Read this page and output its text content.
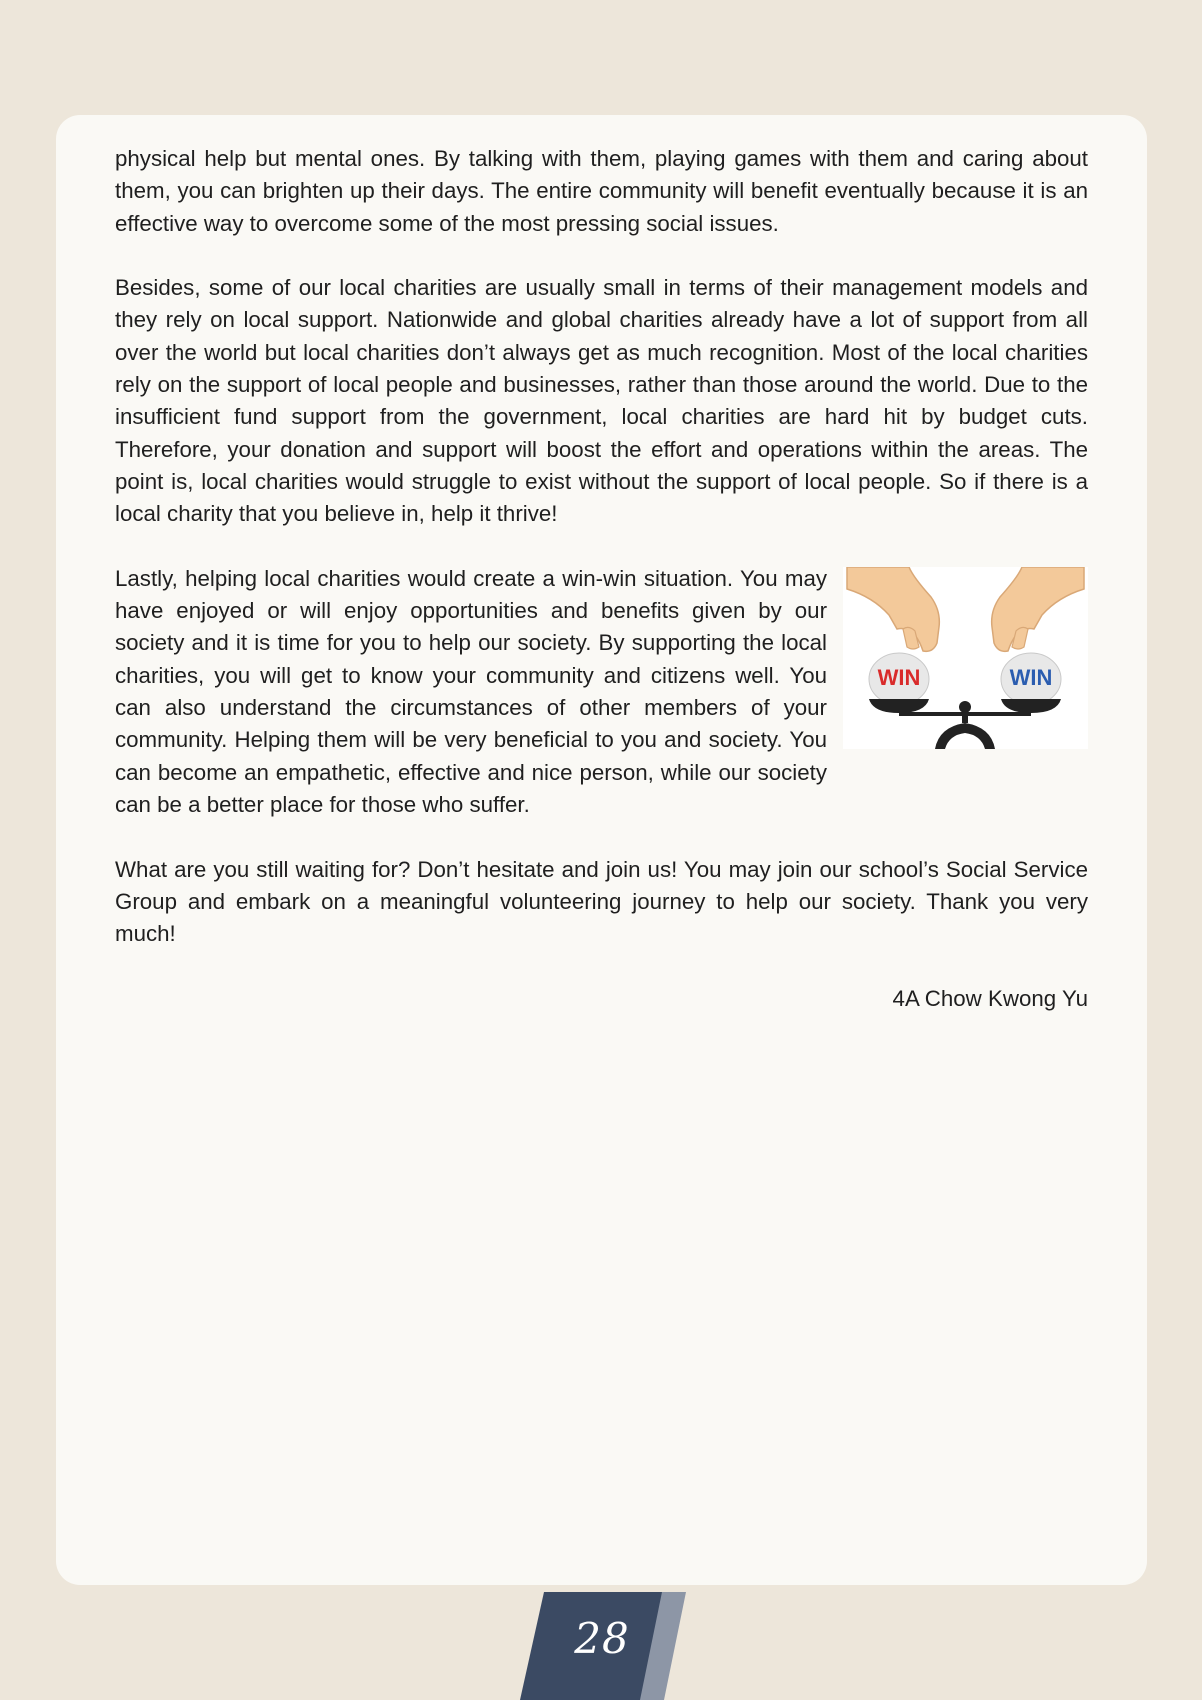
physical help but mental ones. By talking with them, playing games with them and caring about them, you can brighten up their days. The entire community will benefit eventually because it is an effective way to overcome some of the most pressing social issues.

Besides, some of our local charities are usually small in terms of their management models and they rely on local support. Nationwide and global charities already have a lot of support from all over the world but local charities don’t always get as much recognition. Most of the local charities rely on the support of local people and businesses, rather than those around the world. Due to the insufficient fund support from the government, local charities are hard hit by budget cuts. Therefore, your donation and support will boost the effort and operations within the areas. The point is, local charities would struggle to exist without the support of local people. So if there is a local charity that you believe in, help it thrive!

WIN	WIN

Lastly, helping local charities would create a win-win situation. You may have enjoyed or will enjoy opportunities and benefits given by our society and it is time for you to help our society. By supporting the local charities, you will get to know your community and citizens well. You can also understand the circumstances of other members of your community. Helping them will be very beneficial to you and society. You can become an empathetic, effective and nice person, while our society can be a better place for those who suffer.

What are you still waiting for? Don’t hesitate and join us! You may join our school’s Social Service Group and embark on a meaningful volunteering journey to help our society. Thank you very much!

4A Chow Kwong Yu

28
